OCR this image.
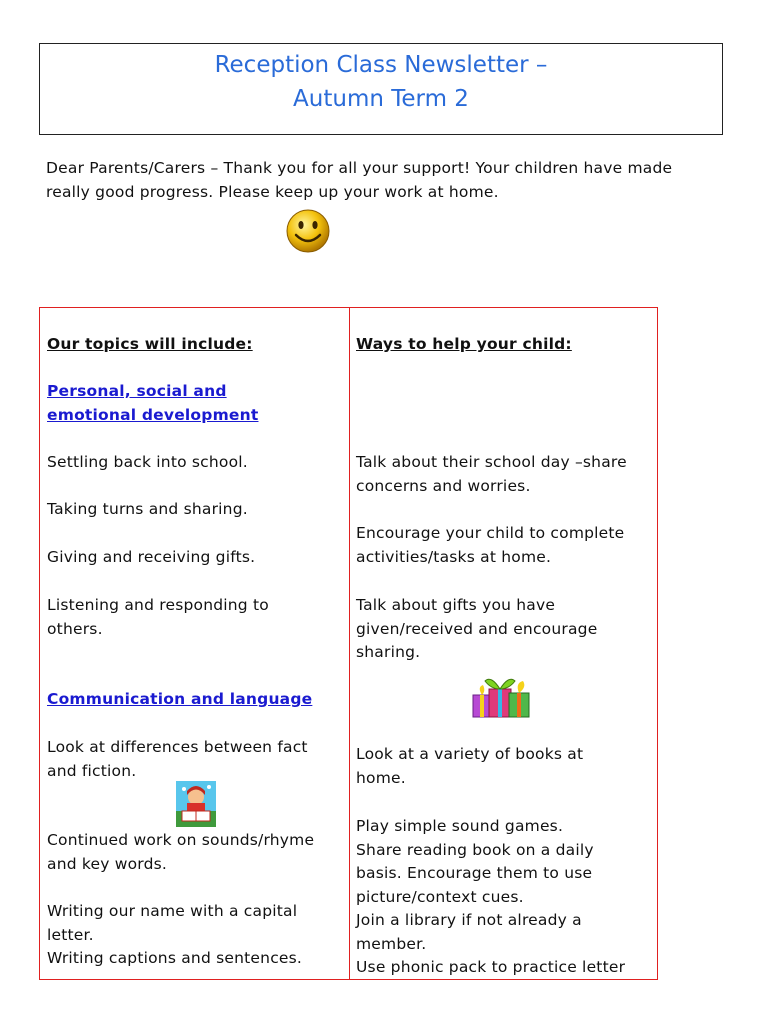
Reception Class Newsletter –
Autumn Term 2
Dear Parents/Carers – Thank you for all your support! Your children have made
really good progress. Please keep up your work at home.
Our topics will include:
Personal, social and
emotional development
Settling back into school.
Taking turns and sharing.
Giving and receiving gifts.
Listening and responding to
others.
Communication and language
Look at differences between fact
and fiction.
Continued work on sounds/rhyme
and key words.
Writing our name with a capital
letter.
Writing captions and sentences.
Ways to help your child:
Talk about their school day –share
concerns and worries.
Encourage your child to complete
activities/tasks at home.
Talk about gifts you have
given/received and encourage
sharing.
Look at a variety of books at
home.
Play simple sound games.
Share reading book on a daily
basis. Encourage them to use
picture/context cues.
Join a library if not already a
member.
Use phonic pack to practice letter
